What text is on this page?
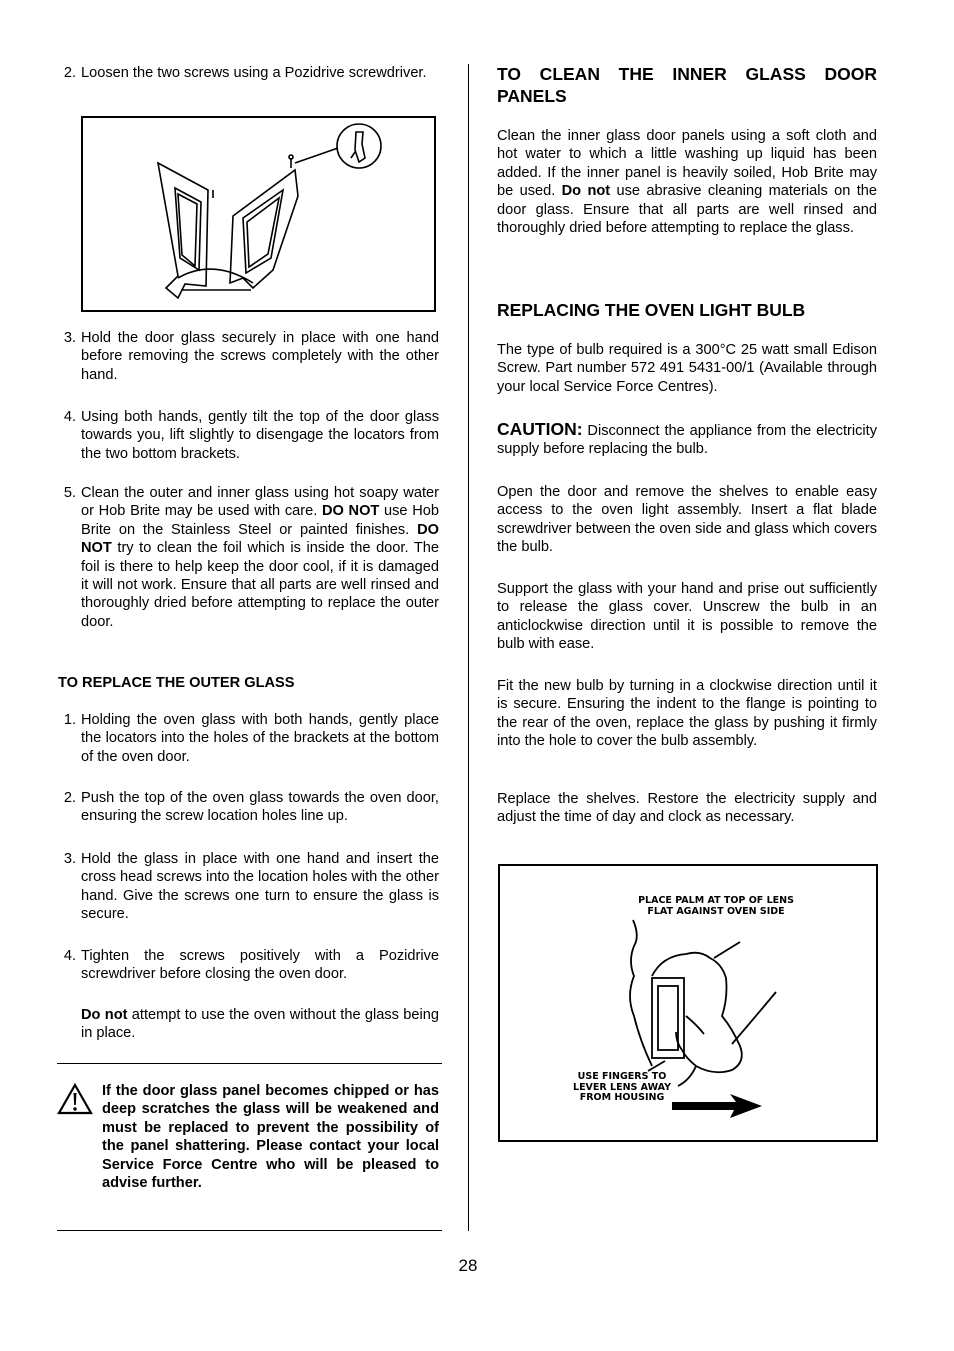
2. Loosen the two screws using a Pozidrive screwdriver.
3. Hold the door glass securely in place with one hand before removing the screws completely with the other hand.
4. Using both hands, gently tilt the top of the door glass towards you, lift slightly to disengage the locators from the two bottom brackets.
5. Clean the outer and inner glass using hot soapy water or Hob Brite may be used with care. DO NOT use Hob Brite on the Stainless Steel or painted finishes. DO NOT try to clean the foil which is inside the door. The foil is there to help keep the door cool, if it is damaged it will not work. Ensure that all parts are well rinsed and thoroughly dried before attempting to replace the outer door.
TO REPLACE THE OUTER GLASS
1. Holding the oven glass with both hands, gently place the locators into the holes of the brackets at the bottom of the oven door.
2. Push the top of the oven glass towards the oven door, ensuring the screw location holes line up.
3. Hold the glass in place with one hand and insert the cross head screws into the location holes with the other hand. Give the screws one turn to ensure the glass is secure.
4. Tighten the screws positively with a Pozidrive screwdriver before closing the oven door.
Do not attempt to use the oven without the glass being in place.
If the door glass panel becomes chipped or has deep scratches the glass will be weakened and must be replaced to prevent the possibility of the panel shattering. Please contact your local Service Force Centre who will be pleased to advise further.
TO CLEAN THE INNER GLASS DOOR PANELS
Clean the inner glass door panels using a soft cloth and hot water to which a little washing up liquid has been added. If the inner panel is heavily soiled, Hob Brite may be used. Do not use abrasive cleaning materials on the door glass. Ensure that all parts are well rinsed and thoroughly dried before attempting to replace the glass.
REPLACING THE OVEN LIGHT BULB
The type of bulb required is a 300°C 25 watt small Edison Screw. Part number 572 491 5431-00/1 (Available through your local Service Force Centres).
CAUTION: Disconnect the appliance from the electricity supply before replacing the bulb.
Open the door and remove the shelves to enable easy access to the oven light assembly. Insert a flat blade screwdriver between the oven side and glass which covers the bulb.
Support the glass with your hand and prise out sufficiently to release the glass cover. Unscrew the bulb in an anticlockwise direction until it is possible to remove the bulb with ease.
Fit the new bulb by turning in a clockwise direction until it is secure. Ensuring the indent to the flange is pointing to the rear of the oven, replace the glass by pushing it firmly into the hole to cover the bulb assembly.
Replace the shelves. Restore the electricity supply and adjust the time of day and clock as necessary.
PLACE PALM AT TOP OF LENS FLAT AGAINST OVEN SIDE
USE FINGERS TO LEVER LENS AWAY FROM HOUSING
28
